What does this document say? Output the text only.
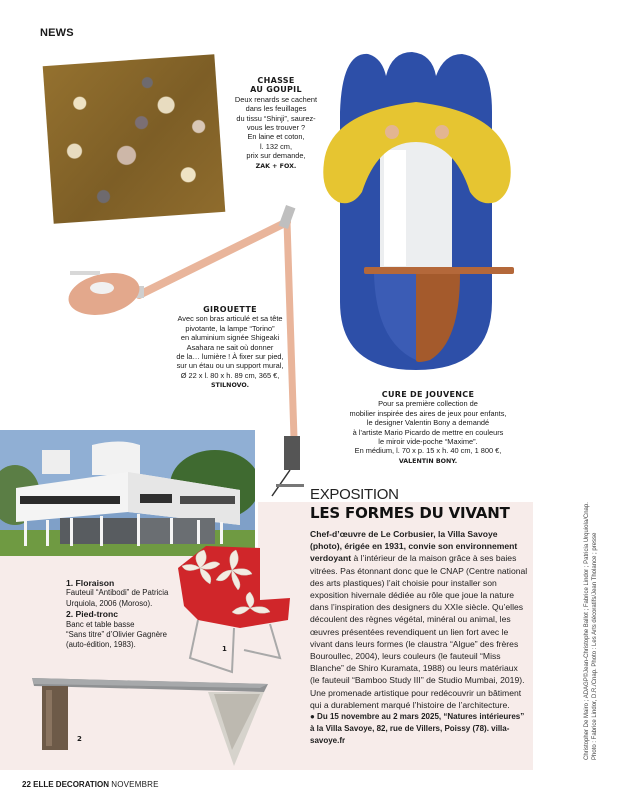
NEWS
CHASSE
AU GOUPIL
Deux renards se cachent
dans les feuillages
du tissu “Shinji”, saurez-
vous les trouver ?
En laine et coton,
l. 132 cm,
prix sur demande,
ZAK + FOX.
GIROUETTE
Avec son bras articulé et sa tête
pivotante, la lampe “Torino”
en aluminium signée Shigeaki
Asahara ne sait où donner
de la… lumière ! À fixer sur pied,
sur un étau ou un support mural,
Ø 22 x l. 80 x h. 89 cm, 365 €,
STILNOVO.
CURE DE JOUVENCE
Pour sa première collection de
mobilier inspirée des aires de jeux pour enfants,
le designer Valentin Bony a demandé
à l’artiste Mario Picardo de mettre en couleurs
le miroir vide-poche “Maxime”.
En médium, l. 70 x p. 15 x h. 40 cm, 1 800 €,
VALENTIN BONY.
EXPOSITION
LES FORMES DU VIVANT
Chef-d’œuvre de Le Corbusier, la Villa Savoye (photo), érigée en 1931, convie son environnement verdoyant à l’intérieur de la maison grâce à ses baies vitrées. Pas étonnant donc que le CNAP (Centre national des arts plastiques) l’ait choisie pour installer son exposition hivernale dédiée au rôle que joue la nature dans l’inspiration des designers du XXIe siècle. Qu’elles découlent des règnes végétal, minéral ou animal, les œuvres présentées revendiquent un lien fort avec le vivant dans leurs formes (le claustra “Algue” des frères Bouroullec, 2004), leurs couleurs (le fauteuil “Miss Blanche” de Shiro Kuramata, 1988) ou leurs matériaux (le fauteuil “Bamboo Study III” de Studio Mumbai, 2019). Une promenade artistique pour redécouvrir un bâtiment qui a durablement marqué l’histoire de l’architecture.
● Du 15 novembre au 2 mars 2025, “Natures intérieures”
à la Villa Savoye, 82, rue de Villers, Poissy (78). villa-savoye.fr
1
1. Floraison
Fauteuil “Antibodi” de Patricia
Urquiola, 2006 (Moroso).
2. Pied-tronc
Banc et table basse
“Sans titre” d’Olivier Gagnère
(auto-édition, 1983).
2	Christopher De Mairo ; ADAGP©Jean-Christophe Ballot ; Fabrice Lindor ; Patricia Urquiola/Cnap. Photo : Fabrice Lindor, D.R./Cnap. Photo : Les Arts décoratifs/Jean Tholance ; presse
22 ELLE DECORATION NOVEMBRE
